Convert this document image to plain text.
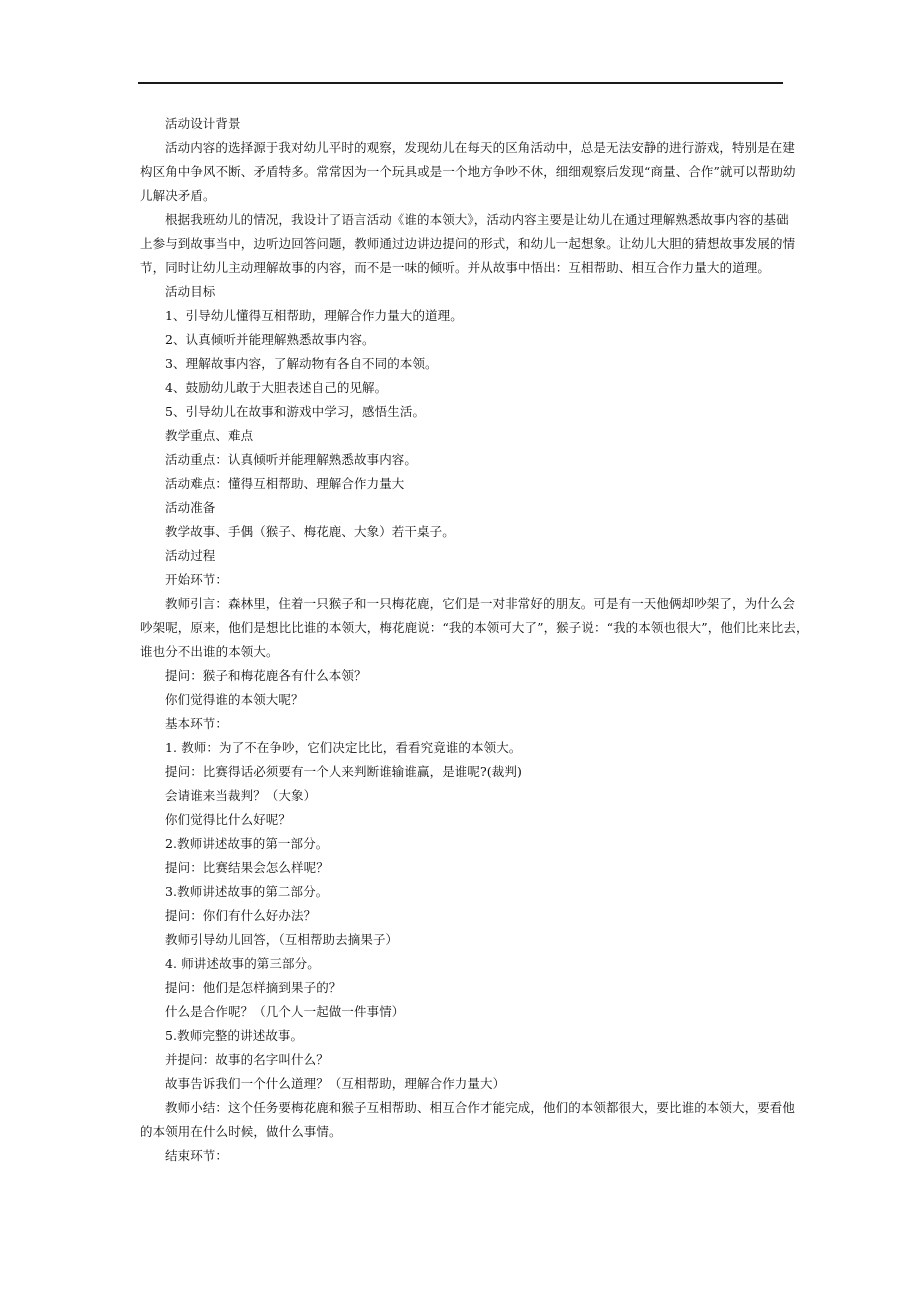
活动设计背景
活动内容的选择源于我对幼儿平时的观察，发现幼儿在每天的区角活动中，总是无法安静的进行游戏，特别是在建
构区角中争风不断、矛盾特多。常常因为一个玩具或是一个地方争吵不休，细细观察后发现“商量、合作”就可以帮助幼
儿解决矛盾。
根据我班幼儿的情况，我设计了语言活动《谁的本领大》，活动内容主要是让幼儿在通过理解熟悉故事内容的基础
上参与到故事当中，边听边回答问题，教师通过边讲边提问的形式，和幼儿一起想象。让幼儿大胆的猜想故事发展的情
节，同时让幼儿主动理解故事的内容，而不是一味的倾听。并从故事中悟出：互相帮助、相互合作力量大的道理。
活动目标
1、引导幼儿懂得互相帮助，理解合作力量大的道理。
2、认真倾听并能理解熟悉故事内容。
3、理解故事内容，了解动物有各自不同的本领。
4、鼓励幼儿敢于大胆表述自己的见解。
5、引导幼儿在故事和游戏中学习，感悟生活。
教学重点、难点
活动重点：认真倾听并能理解熟悉故事内容。
活动难点：懂得互相帮助、理解合作力量大
活动准备
教学故事、手偶（猴子、梅花鹿、大象）若干桌子。
活动过程
开始环节：
教师引言：森林里，住着一只猴子和一只梅花鹿，它们是一对非常好的朋友。可是有一天他俩却吵架了，为什么会
吵架呢，原来，他们是想比比谁的本领大，梅花鹿说：“我的本领可大了”，猴子说：“我的本领也很大”，他们比来比去，
谁也分不出谁的本领大。
提问：猴子和梅花鹿各有什么本领？
你们觉得谁的本领大呢？
基本环节：
1. 教师：为了不在争吵，它们决定比比，看看究竟谁的本领大。
提问：比赛得话必须要有一个人来判断谁输谁赢，是谁呢?(裁判)
会请谁来当裁判？（大象）
你们觉得比什么好呢？
2.教师讲述故事的第一部分。
提问：比赛结果会怎么样呢？
3.教师讲述故事的第二部分。
提问：你们有什么好办法？
教师引导幼儿回答，（互相帮助去摘果子）
4. 师讲述故事的第三部分。
提问：他们是怎样摘到果子的？
什么是合作呢？（几个人一起做一件事情）
5.教师完整的讲述故事。
并提问：故事的名字叫什么？
故事告诉我们一个什么道理？（互相帮助，理解合作力量大）
教师小结：这个任务要梅花鹿和猴子互相帮助、相互合作才能完成，他们的本领都很大，要比谁的本领大，要看他
的本领用在什么时候，做什么事情。
结束环节：
